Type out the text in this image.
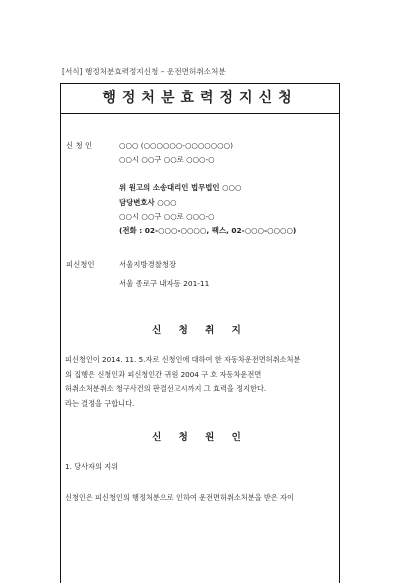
[서식] 행정처분효력정지신청 – 운전면허취소처분
행정처분효력정지신청
신 청 인	○○○ (○○○○○○-○○○○○○○)
○○시 ○○구 ○○로 ○○○-○
위 원고의 소송대리인 법무법인 ○○○
담당변호사 ○○○
○○시 ○○구 ○○로 ○○○-○
(전화 : 02-○○○-○○○○, 팩스, 02-○○○-○○○○)
피신청인	서울지방경찰청장
서울 종로구 내자동 201-11
신 청 취 지
피신청인이 2014. 11. 5.자로 신청인에 대하여 한 자동차운전면허취소처분
의 집행은 신청인과 피신청인간 귀원 2004 구 호 자동차운전면
허취소처분취소 청구사건의 판결선고시까지 그 효력을 정지한다.
라는 결정을 구합니다.
신 청 원 인
1. 당사자의 지위
신청인은 피신청인의 행정처분으로 인하여 운전면허취소처분을 받은 자이
